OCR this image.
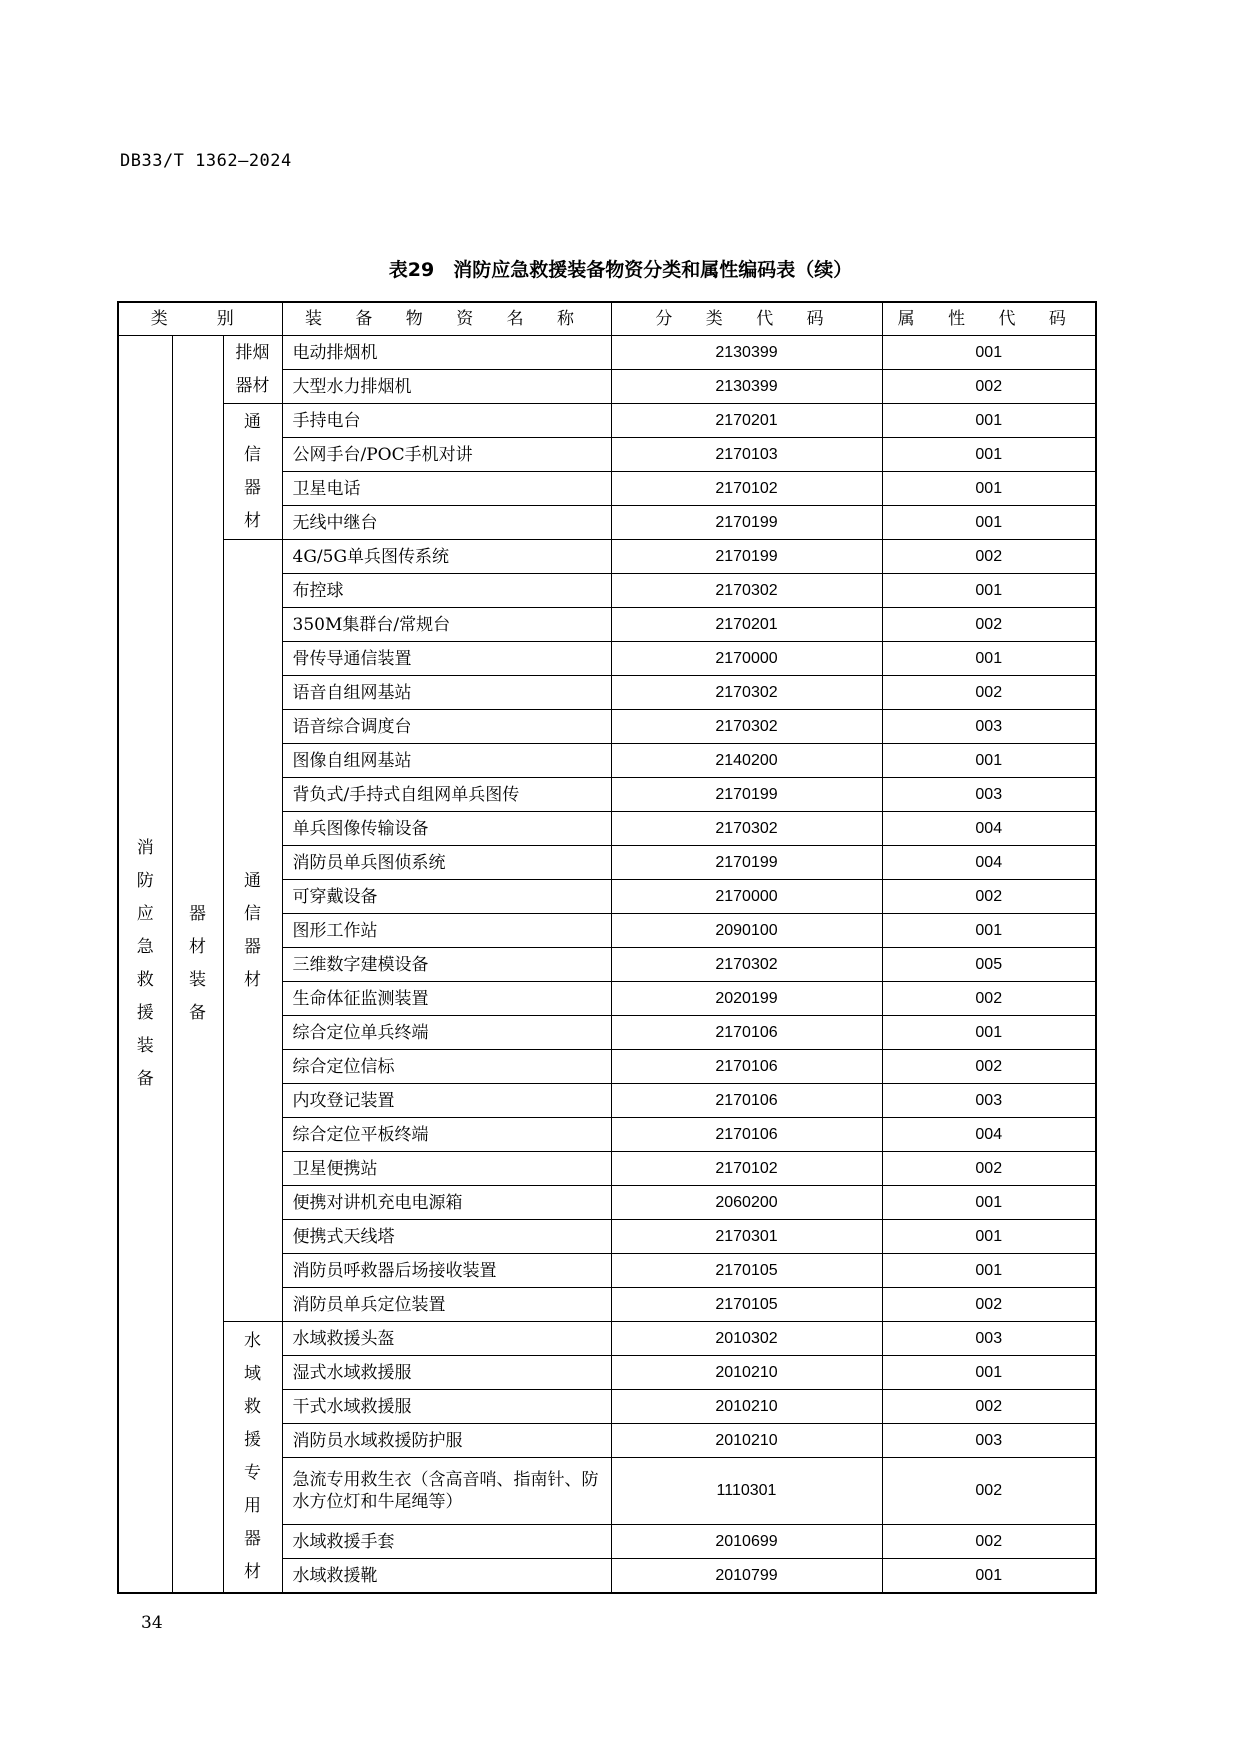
DB33/T 1362—2024
表29　消防应急救援装备物资分类和属性编码表（续）
类　别			装 备 物 资 名 称	分 类 代 码	属 性 代 码
消防应急救援装备	器材装备	排烟器材	电动排烟机	2130399	001
			大型水力排烟机	2130399	002
		通信器材	手持电台	2170201	001
			公网手台/POC手机对讲	2170103	001
			卫星电话	2170102	001
			无线中继台	2170199	001
		通信器材	4G/5G单兵图传系统	2170199	002
			布控球	2170302	001
			350M集群台/常规台	2170201	002
			骨传导通信装置	2170000	001
			语音自组网基站	2170302	002
			语音综合调度台	2170302	003
			图像自组网基站	2140200	001
			背负式/手持式自组网单兵图传	2170199	003
			单兵图像传输设备	2170302	004
			消防员单兵图侦系统	2170199	004
			可穿戴设备	2170000	002
			图形工作站	2090100	001
			三维数字建模设备	2170302	005
			生命体征监测装置	2020199	002
			综合定位单兵终端	2170106	001
			综合定位信标	2170106	002
			内攻登记装置	2170106	003
			综合定位平板终端	2170106	004
			卫星便携站	2170102	002
			便携对讲机充电电源箱	2060200	001
			便携式天线塔	2170301	001
			消防员呼救器后场接收装置	2170105	001
			消防员单兵定位装置	2170105	002
		水域救援专用器材	水域救援头盔	2010302	003
			湿式水域救援服	2010210	001
			干式水域救援服	2010210	002
			消防员水域救援防护服	2010210	003
			急流专用救生衣（含高音哨、指南针、防水方位灯和牛尾绳等）	1110301	002
			水域救援手套	2010699	002
			水域救援靴	2010799	001
34
